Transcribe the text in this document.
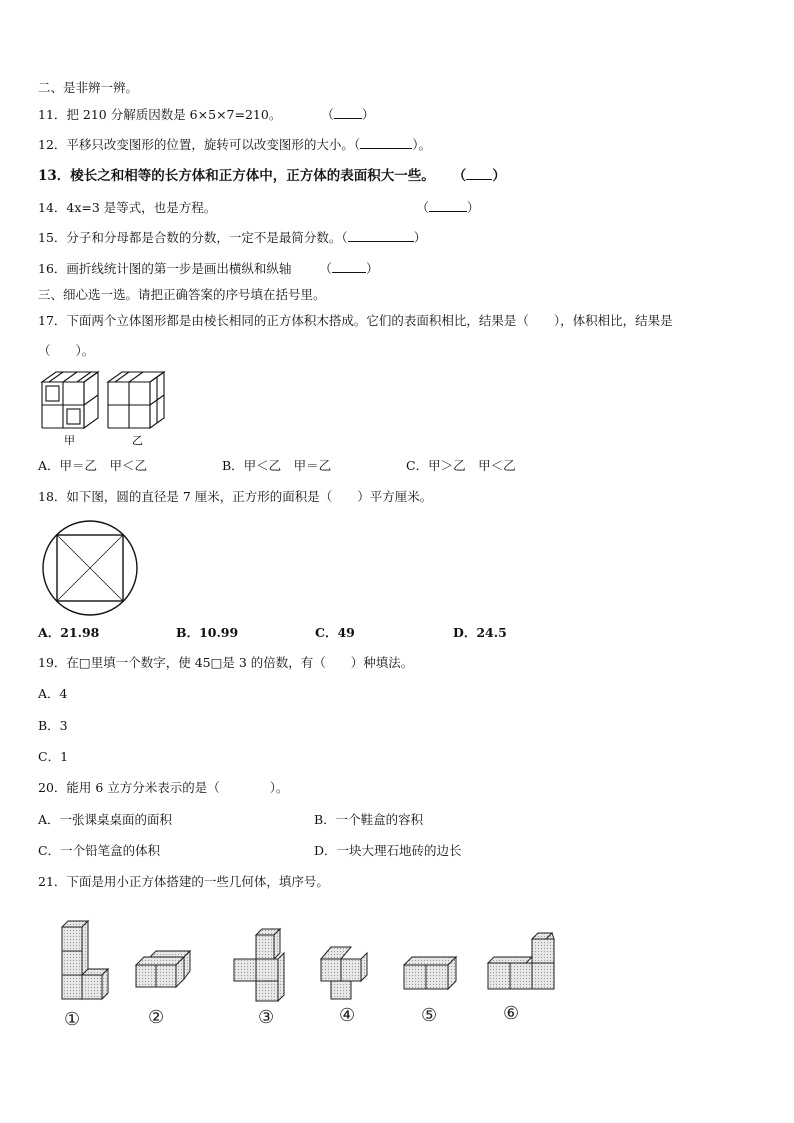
二、是非辨一辨。
11．把 210 分解质因数是 6×5×7=210。	（ ）
12．平移只改变图形的位置，旋转可以改变图形的大小。（	）。
13．棱长之和相等的长方体和正方体中，正方体的表面积大一些。 （ ）
14．4x=3 是等式，也是方程。	（	）
15．分子和分母都是合数的分数，一定不是最简分数。（	）
16．画折线统计图的第一步是画出横纵和纵轴 （	）
三、细心选一选。请把正确答案的序号填在括号里。
17．下面两个立体图形都是由棱长相同的正方体积木搭成。它们的表面积相比，结果是（　　），体积相比，结果是
（　　）。
甲	乙
A．甲＝乙　甲＜乙	B．甲＜乙　甲＝乙	C．甲＞乙　甲＜乙
18．如下图，圆的直径是 7 厘米，正方形的面积是（　　）平方厘米。
A．21.98	B．10.99	C．49	D．24.5
19．在□里填一个数字，使 45□是 3 的倍数，有（　　）种填法。
A．4
B．3
C．1
20．能用 6 立方分米表示的是（　　　　）。
A．一张课桌桌面的面积	B．一个鞋盒的容积
C．一个铅笔盒的体积	D．一块大理石地砖的边长
21．下面是用小正方体搭建的一些几何体，填序号。
①	②	③	④	⑤	⑥
